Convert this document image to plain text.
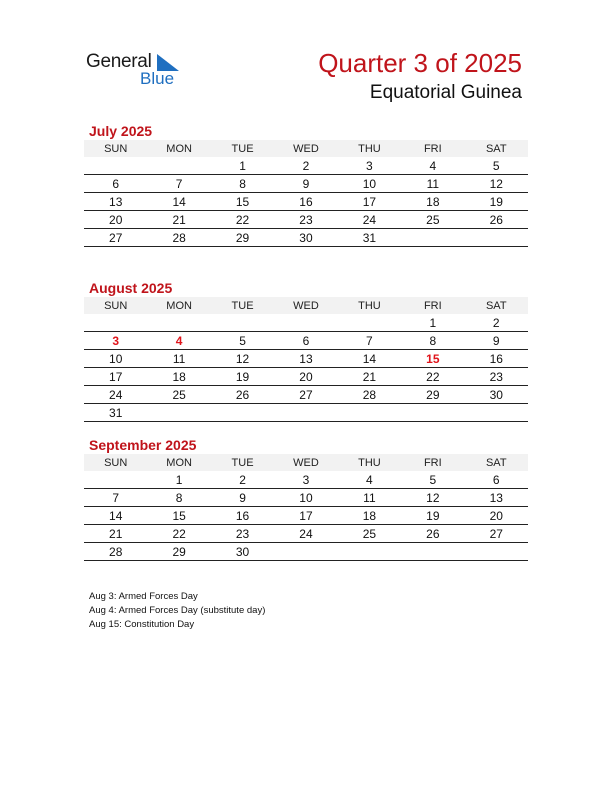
General
Blue
Quarter 3 of 2025
Equatorial Guinea
July 2025
SUN	MON	TUE	WED	THU	FRI	SAT
		1	2	3	4	5
6	7	8	9	10	11	12
13	14	15	16	17	18	19
20	21	22	23	24	25	26
27	28	29	30	31		
August 2025
SUN	MON	TUE	WED	THU	FRI	SAT
					1	2
3	4	5	6	7	8	9
10	11	12	13	14	15	16
17	18	19	20	21	22	23
24	25	26	27	28	29	30
31						
September 2025
SUN	MON	TUE	WED	THU	FRI	SAT
	1	2	3	4	5	6
7	8	9	10	11	12	13
14	15	16	17	18	19	20
21	22	23	24	25	26	27
28	29	30				
Aug 3: Armed Forces Day
Aug 4: Armed Forces Day (substitute day)
Aug 15: Constitution Day
